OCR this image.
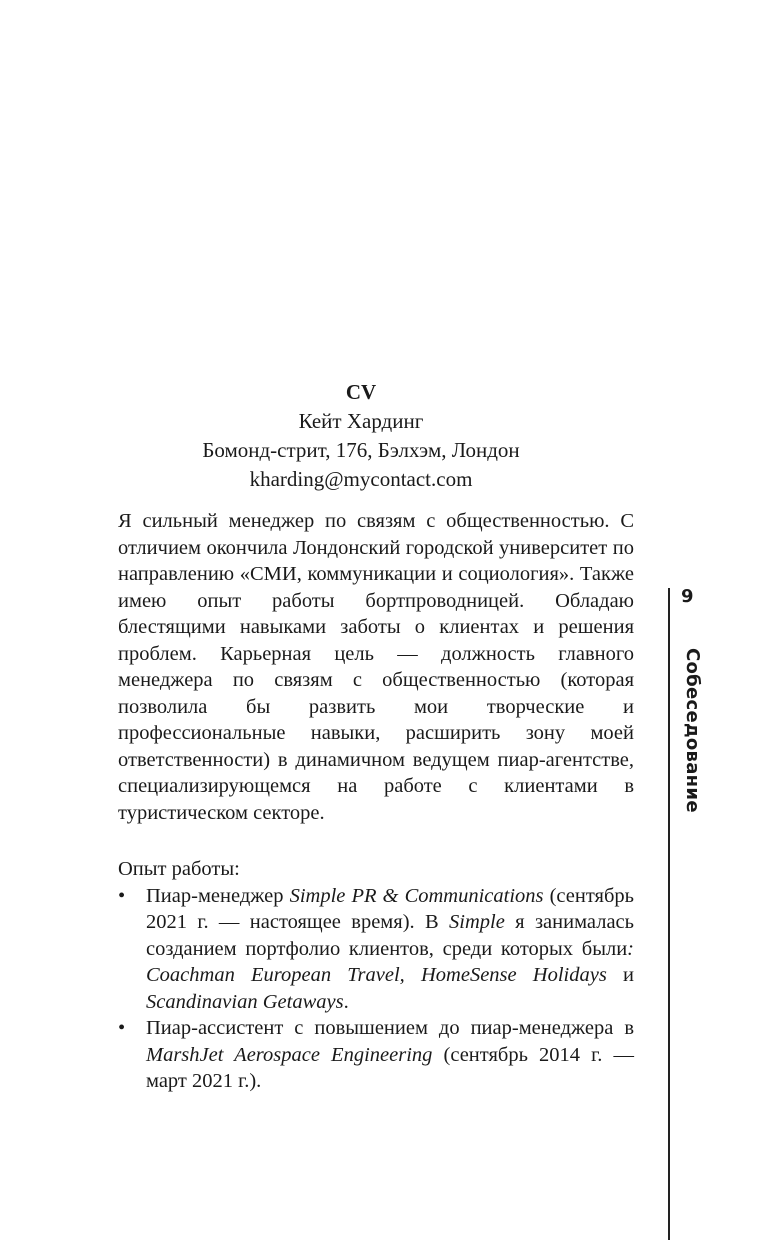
CV
Кейт Хардинг
Бомонд-стрит, 176, Бэлхэм, Лондон
kharding@mycontact.com
Я сильный менеджер по связям с общественностью. С отличием окончила Лондонский городской университет по направлению «СМИ, коммуникации и социология». Также имею опыт работы бортпроводницей. Обладаю блестящими навыками заботы о клиентах и решения проблем. Карьерная цель — должность главного менеджера по связям с общественностью (которая позволила бы развить мои творческие и профессиональные навыки, расширить зону моей ответственности) в динамичном ведущем пиар-агентстве, специализирующемся на работе с клиентами в туристическом секторе.
Опыт работы:
• Пиар-менеджер Simple PR & Communications (сентябрь 2021 г. — настоящее время). В Simple я занималась созданием портфолио клиентов, среди которых были: Coachman European Travel, HomeSense Holidays и Scandinavian Getaways.
• Пиар-ассистент с повышением до пиар-менеджера в MarshJet Aerospace Engineering (сентябрь 2014 г. — март 2021 г.).
9
Собеседование
